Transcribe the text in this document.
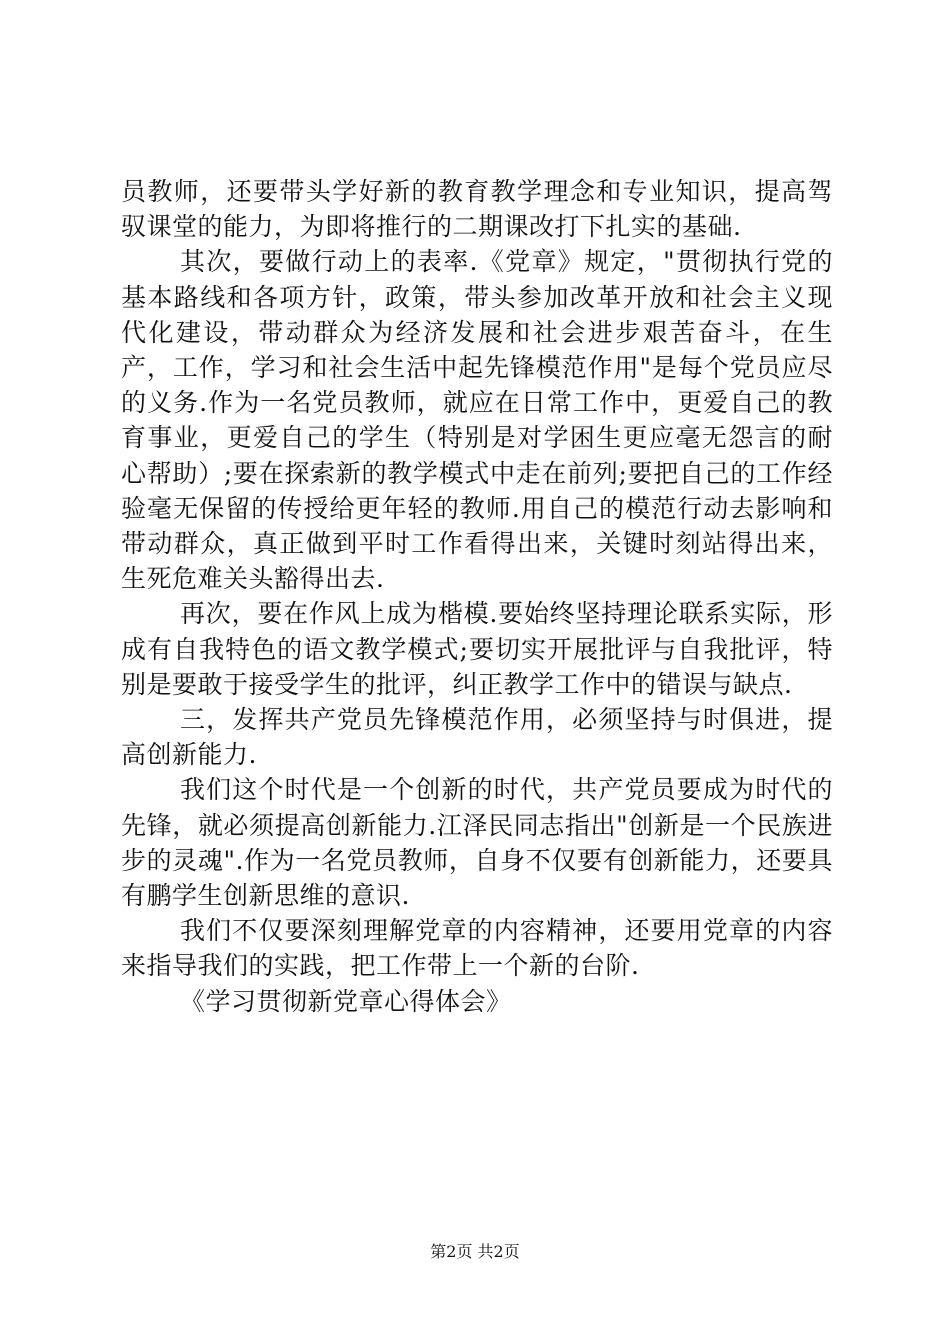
员教师，还要带头学好新的教育教学理念和专业知识，提高驾驭课堂的能力，为即将推行的二期课改打下扎实的基础.

其次，要做行动上的表率.《党章》规定，"贯彻执行党的基本路线和各项方针，政策，带头参加改革开放和社会主义现代化建设，带动群众为经济发展和社会进步艰苦奋斗，在生产，工作，学习和社会生活中起先锋模范作用"是每个党员应尽的义务.作为一名党员教师，就应在日常工作中，更爱自己的教育事业，更爱自己的学生（特别是对学困生更应毫无怨言的耐心帮助）;要在探索新的教学模式中走在前列;要把自己的工作经验毫无保留的传授给更年轻的教师.用自己的模范行动去影响和带动群众，真正做到平时工作看得出来，关键时刻站得出来，生死危难关头豁得出去.

再次，要在作风上成为楷模.要始终坚持理论联系实际，形成有自我特色的语文教学模式;要切实开展批评与自我批评，特别是要敢于接受学生的批评，纠正教学工作中的错误与缺点.

三，发挥共产党员先锋模范作用，必须坚持与时俱进，提高创新能力.

我们这个时代是一个创新的时代，共产党员要成为时代的先锋，就必须提高创新能力.江泽民同志指出"创新是一个民族进步的灵魂".作为一名党员教师，自身不仅要有创新能力，还要具有鹏学生创新思维的意识.

我们不仅要深刻理解党章的内容精神，还要用党章的内容来指导我们的实践，把工作带上一个新的台阶.

《学习贯彻新党章心得体会》

第2页 共2页
